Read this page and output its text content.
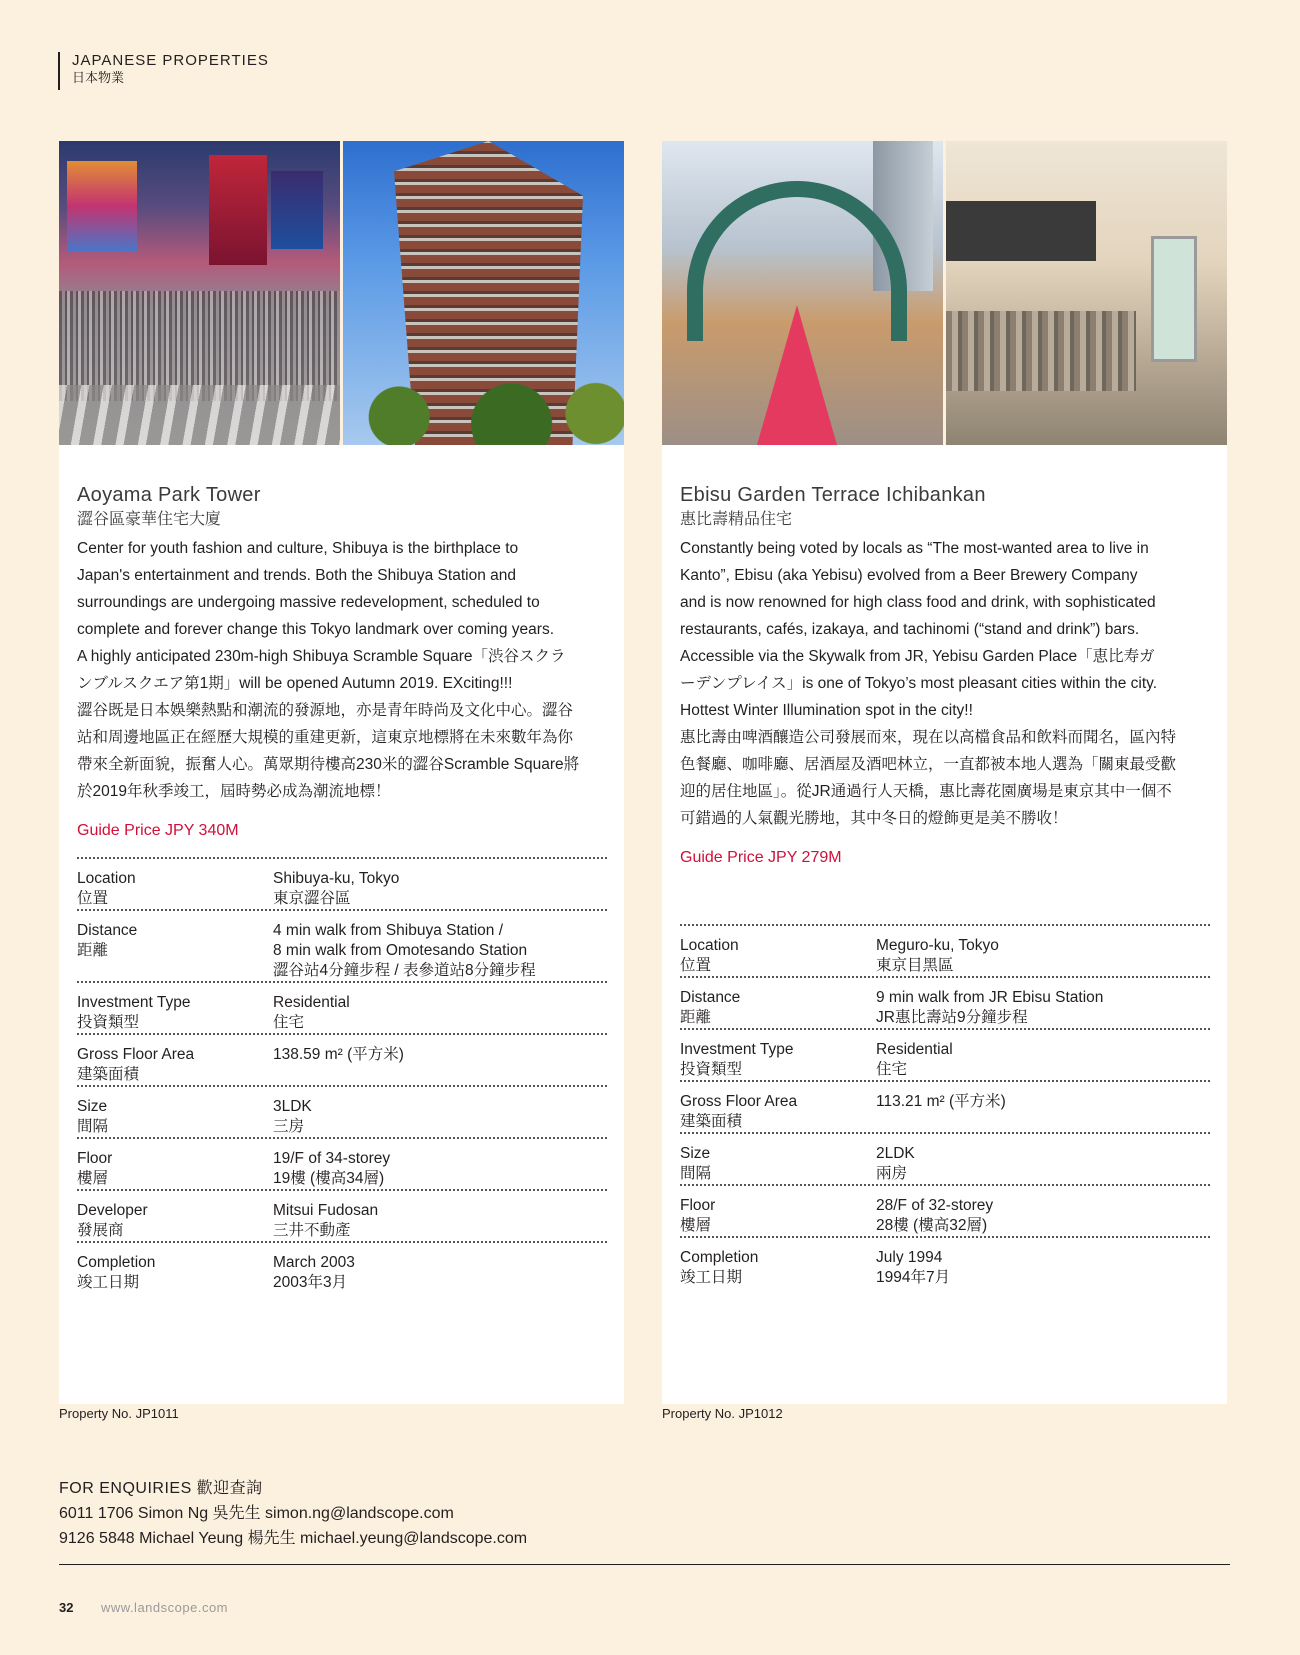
JAPANESE PROPERTIES
日本物業
Aoyama Park Tower
澀谷區豪華住宅大廈
Center for youth fashion and culture, Shibuya is the birthplace to
Japan's entertainment and trends. Both the Shibuya Station and
surroundings are undergoing massive redevelopment, scheduled to
complete and forever change this Tokyo landmark over coming years.
A highly anticipated 230m-high Shibuya Scramble Square「渋谷スクラ
ンブルスクエア第1期」will be opened Autumn 2019. EXciting!!!
澀谷既是日本娛樂熱點和潮流的發源地，亦是青年時尚及文化中心。澀谷
站和周邊地區正在經歷大規模的重建更新，這東京地標將在未來數年為你
帶來全新面貌，振奮人心。萬眾期待樓高230米的澀谷Scramble Square將
於2019年秋季竣工，屆時勢必成為潮流地標！
Guide Price JPY 340M
Location
位置
Shibuya-ku, Tokyo
東京澀谷區
Distance
距離
4 min walk from Shibuya Station /
8 min walk from Omotesando Station
澀谷站4分鐘步程 / 表參道站8分鐘步程
Investment Type
投資類型
Residential
住宅
Gross Floor Area
建築面積
138.59 m² (平方米)
Size
間隔
3LDK
三房
Floor
樓層
19/F of 34-storey
19樓 (樓高34層)
Developer
發展商
Mitsui Fudosan
三井不動產
Completion
竣工日期
March 2003
2003年3月
Property No. JP1011
Ebisu Garden Terrace Ichibankan
惠比壽精品住宅
Constantly being voted by locals as “The most-wanted area to live in
Kanto”, Ebisu (aka Yebisu) evolved from a Beer Brewery Company
and is now renowned for high class food and drink, with sophisticated
restaurants, cafés, izakaya, and tachinomi (“stand and drink”) bars.
Accessible via the Skywalk from JR, Yebisu Garden Place「恵比寿ガ
ーデンプレイス」is one of Tokyo’s most pleasant cities within the city.
Hottest Winter Illumination spot in the city!!
惠比壽由啤酒釀造公司發展而來，現在以高檔食品和飲料而聞名，區內特
色餐廳、咖啡廳、居酒屋及酒吧林立，一直都被本地人選為「關東最受歡
迎的居住地區」。從JR通過行人天橋，惠比壽花園廣場是東京其中一個不
可錯過的人氣觀光勝地，其中冬日的燈飾更是美不勝收！
Guide Price JPY 279M
Location
位置
Meguro-ku, Tokyo
東京目黑區
Distance
距離
9 min walk from JR Ebisu Station
JR惠比壽站9分鐘步程
Investment Type
投資類型
Residential
住宅
Gross Floor Area
建築面積
113.21 m² (平方米)
Size
間隔
2LDK
兩房
Floor
樓層
28/F of 32-storey
28樓 (樓高32層)
Completion
竣工日期
July 1994
1994年7月
Property No. JP1012
FOR ENQUIRIES 歡迎查詢
6011 1706 Simon Ng 吳先生 simon.ng@landscope.com
9126 5848 Michael Yeung 楊先生 michael.yeung@landscope.com
32 www.landscope.com
